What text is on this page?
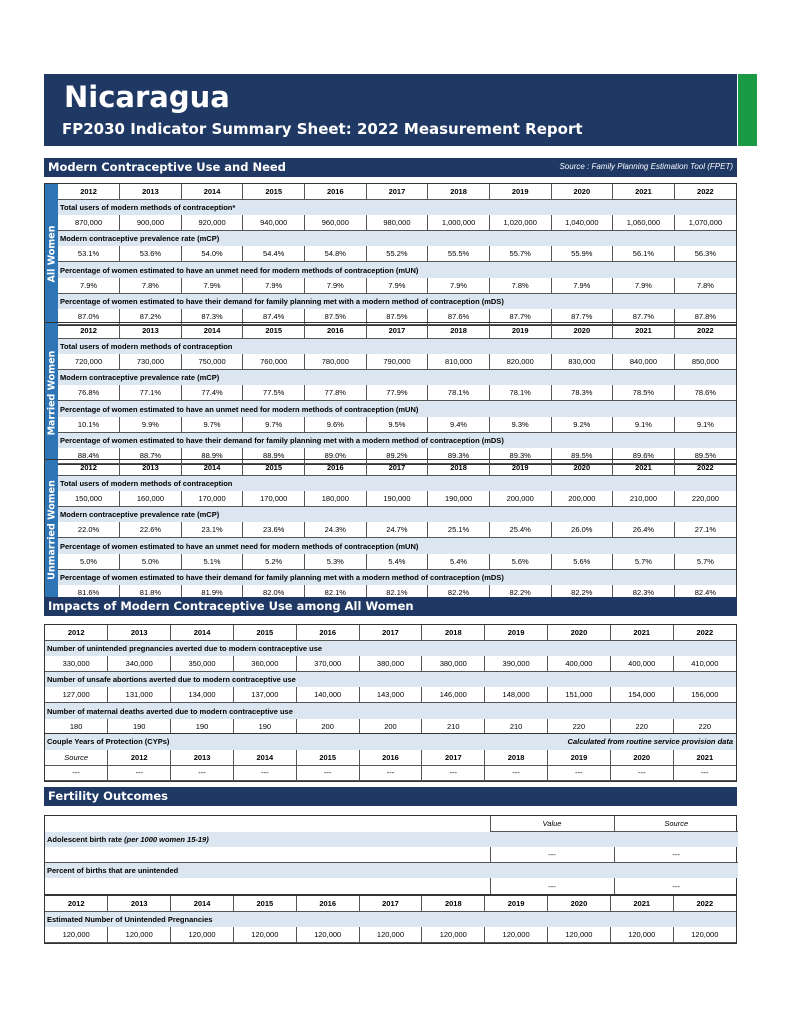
Nicaragua
FP2030 Indicator Summary Sheet: 2022 Measurement Report
Modern Contraceptive Use and Need	Source : Family Planning Estimation Tool (FPET)
All Women
2012	2013	2014	2015	2016	2017	2018	2019	2020	2021	2022
Total users of modern methods of contraception*										
870,000	900,000	920,000	940,000	960,000	980,000	1,000,000	1,020,000	1,040,000	1,060,000	1,070,000
Modern contraceptive prevalence rate (mCP)										
53.1%	53.6%	54.0%	54.4%	54.8%	55.2%	55.5%	55.7%	55.9%	56.1%	56.3%
Percentage of women estimated to have an unmet need for modern methods of contraception (mUN)										
7.9%	7.8%	7.9%	7.9%	7.9%	7.9%	7.9%	7.8%	7.9%	7.9%	7.8%
Percentage of women estimated to have their demand for family planning met with a modern method of contraception (mDS)										
87.0%	87.2%	87.3%	87.4%	87.5%	87.5%	87.6%	87.7%	87.7%	87.7%	87.8%
Married Women
2012	2013	2014	2015	2016	2017	2018	2019	2020	2021	2022
Total users of modern methods of contraception										
720,000	730,000	750,000	760,000	780,000	790,000	810,000	820,000	830,000	840,000	850,000
Modern contraceptive prevalence rate (mCP)										
76.8%	77.1%	77.4%	77.5%	77.8%	77.9%	78.1%	78.1%	78.3%	78.5%	78.6%
Percentage of women estimated to have an unmet need for modern methods of contraception (mUN)										
10.1%	9.9%	9.7%	9.7%	9.6%	9.5%	9.4%	9.3%	9.2%	9.1%	9.1%
Percentage of women estimated to have their demand for family planning met with a modern method of contraception (mDS)										
88.4%	88.7%	88.9%	88.9%	89.0%	89.2%	89.3%	89.3%	89.5%	89.6%	89.5%
Unmarried Women
2012	2013	2014	2015	2016	2017	2018	2019	2020	2021	2022
Total users of modern methods of contraception										
150,000	160,000	170,000	170,000	180,000	190,000	190,000	200,000	200,000	210,000	220,000
Modern contraceptive prevalence rate (mCP)										
22.0%	22.6%	23.1%	23.6%	24.3%	24.7%	25.1%	25.4%	26.0%	26.4%	27.1%
Percentage of women estimated to have an unmet need for modern methods of contraception (mUN)										
5.0%	5.0%	5.1%	5.2%	5.3%	5.4%	5.4%	5.6%	5.6%	5.7%	5.7%
Percentage of women estimated to have their demand for family planning met with a modern method of contraception (mDS)										
81.6%	81.8%	81.9%	82.0%	82.1%	82.1%	82.2%	82.2%	82.2%	82.3%	82.4%
Impacts of Modern Contraceptive Use among All Women
2012	2013	2014	2015	2016	2017	2018	2019	2020	2021	2022
Number of unintended pregnancies averted due to modern contraceptive use										
330,000	340,000	350,000	360,000	370,000	380,000	380,000	390,000	400,000	400,000	410,000
Number of unsafe abortions averted due to modern contraceptive use										
127,000	131,000	134,000	137,000	140,000	143,000	146,000	148,000	151,000	154,000	156,000
Number of maternal deaths averted due to modern contraceptive use										
180	190	190	190	200	200	210	210	220	220	220
Couple Years of Protection (CYPs)						Calculated from routine service provision data				
Source	2012	2013	2014	2015	2016	2017	2018	2019	2020	2021
---	---	---	---	---	---	---	---	---	---	---
Fertility Outcomes
	Value	Source
Adolescent birth rate (per 1000 women 15-19)		
	---	---
Percent of births that are unintended		
	---	---
2012	2013	2014	2015	2016	2017	2018	2019	2020	2021	2022
Estimated Number of Unintended Pregnancies										
120,000	120,000	120,000	120,000	120,000	120,000	120,000	120,000	120,000	120,000	120,000
